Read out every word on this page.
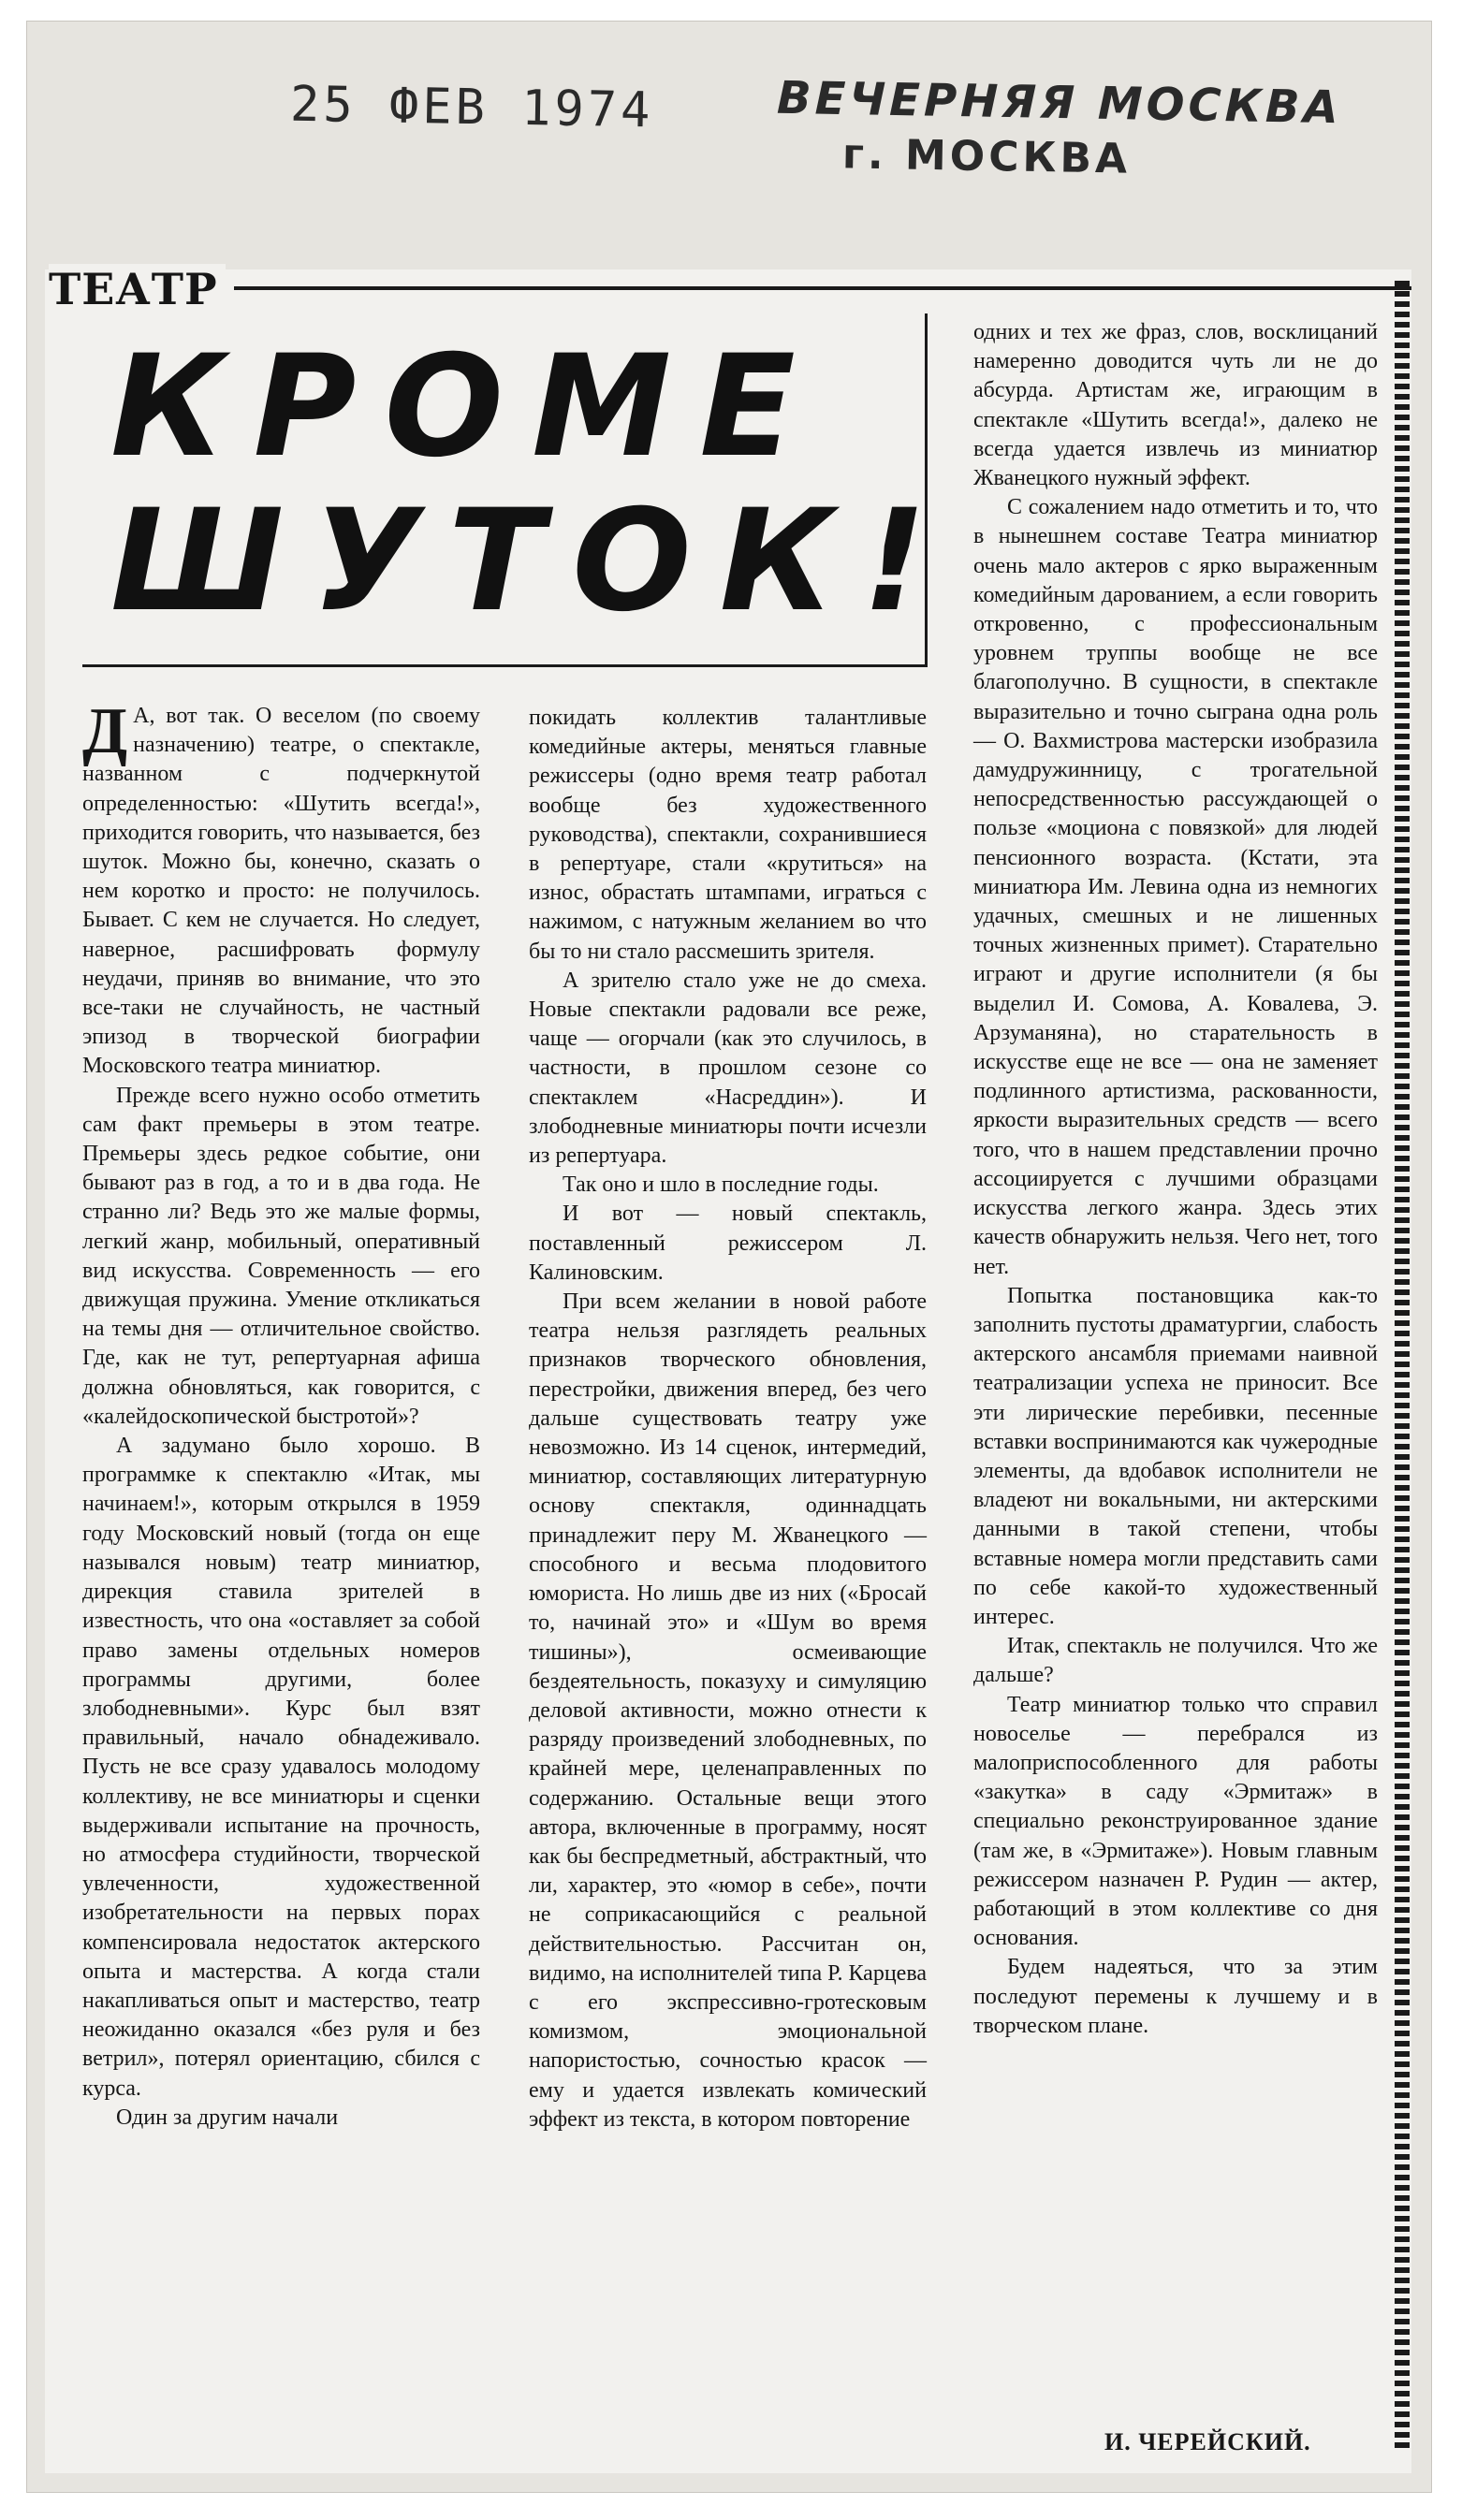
25 ФЕВ 1974	ВЕЧЕРНЯЯ МОСКВА
г. МОСКВА
ТЕАТР
КРОМЕ
ШУТОК!

Д А, вот так. О веселом (по своему назначению) театре, о спектакле, названном с подчеркнутой определенностью: «Шутить всегда!», приходится говорить, что называется, без шуток. Можно бы, конечно, сказать о нем коротко и просто: не получилось. Бывает. С кем не случается. Но следует, наверное, расшифровать формулу неудачи, приняв во внимание, что это все-таки не случайность, не частный эпизод в творческой биографии Московского театра миниатюр.

Прежде всего нужно особо отметить сам факт премьеры в этом театре. Премьеры здесь редкое событие, они бывают раз в год, а то и в два года. Не странно ли? Ведь это же малые формы, легкий жанр, мобильный, оперативный вид искусства. Современность — его движущая пружина. Умение откликаться на темы дня — отличительное свойство. Где, как не тут, репертуарная афиша должна обновляться, как говорится, с «калейдоскопической быстротой»?

А задумано было хорошо. В программке к спектаклю «Итак, мы начинаем!», которым открылся в 1959 году Московский новый (тогда он еще назывался новым) театр миниатюр, дирекция ставила зрителей в известность, что она «оставляет за собой право замены отдельных номеров программы другими, более злободневными». Курс был взят правильный, начало обнадеживало. Пусть не все сразу удавалось молодому коллективу, не все миниатюры и сценки выдерживали испытание на прочность, но атмосфера студийности, творческой увлеченности, художественной изобретательности на первых порах компенсировала недостаток актерского опыта и мастерства. А когда стали накапливаться опыт и мастерство, театр неожиданно оказался «без руля и без ветрил», потерял ориентацию, сбился с курса.

Один за другим начали

покидать коллектив талантливые комедийные актеры, меняться главные режиссеры (одно время театр работал вообще без художественного руководства), спектакли, сохранившиеся в репертуаре, стали «крутиться» на износ, обрастать штампами, играться с нажимом, с натужным желанием во что бы то ни стало рассмешить зрителя.

А зрителю стало уже не до смеха. Новые спектакли радовали все реже, чаще — огорчали (как это случилось, в частности, в прошлом сезоне со спектаклем «Насреддин»). И злободневные миниатюры почти исчезли из репертуара.

Так оно и шло в последние годы.

И вот — новый спектакль, поставленный режиссером Л. Калиновским.

При всем желании в новой работе театра нельзя разглядеть реальных признаков творческого обновления, перестройки, движения вперед, без чего дальше существовать театру уже невозможно. Из 14 сценок, интермедий, миниатюр, составляющих литературную основу спектакля, одиннадцать принадлежит перу М. Жванецкого — способного и весьма плодовитого юмориста. Но лишь две из них («Бросай то, начинай это» и «Шум во время тишины»), осмеивающие бездеятельность, показуху и симуляцию деловой активности, можно отнести к разряду произведений злободневных, по крайней мере, целенаправленных по содержанию. Остальные вещи этого автора, включенные в программу, носят как бы беспредметный, абстрактный, что ли, характер, это «юмор в себе», почти не соприкасающийся с реальной действительностью. Рассчитан он, видимо, на исполнителей типа Р. Карцева с его экспрессивно-гротесковым комизмом, эмоциональной напористостью, сочностью красок — ему и удается извлекать комический эффект из текста, в котором повторение

одних и тех же фраз, слов, восклицаний намеренно доводится чуть ли не до абсурда. Артистам же, играющим в спектакле «Шутить всегда!», далеко не всегда удается извлечь из миниатюр Жванецкого нужный эффект.

С сожалением надо отметить и то, что в нынешнем составе Театра миниатюр очень мало актеров с ярко выраженным комедийным дарованием, а если говорить откровенно, с профессиональным уровнем труппы вообще не все благополучно. В сущности, в спектакле выразительно и точно сыграна одна роль — О. Вахмистрова мастерски изобразила дамудружинницу, с трогательной непосредственностью рассуждающей о пользе «моциона с повязкой» для людей пенсионного возраста. (Кстати, эта миниатюра Им. Левина одна из немногих удачных, смешных и не лишенных точных жизненных примет). Старательно играют и другие исполнители (я бы выделил И. Сомова, А. Ковалева, Э. Арзуманяна), но старательность в искусстве еще не все — она не заменяет подлинного артистизма, раскованности, яркости выразительных средств — всего того, что в нашем представлении прочно ассоциируется с лучшими образцами искусства легкого жанра. Здесь этих качеств обнаружить нельзя. Чего нет, того нет.

Попытка постановщика как-то заполнить пустоты драматургии, слабость актерского ансамбля приемами наивной театрализации успеха не приносит. Все эти лирические перебивки, песенные вставки воспринимаются как чужеродные элементы, да вдобавок исполнители не владеют ни вокальными, ни актерскими данными в такой степени, чтобы вставные номера могли представить сами по себе какой-то художественный интерес.

Итак, спектакль не получился. Что же дальше?

Театр миниатюр только что справил новоселье — перебрался из малоприспособленного для работы «закутка» в саду «Эрмитаж» в специально реконструированное здание (там же, в «Эрмитаже»). Новым главным режиссером назначен Р. Рудин — актер, работающий в этом коллективе со дня основания.

Будем надеяться, что за этим последуют перемены к лучшему и в творческом плане.

И. ЧЕРЕЙСКИЙ.
